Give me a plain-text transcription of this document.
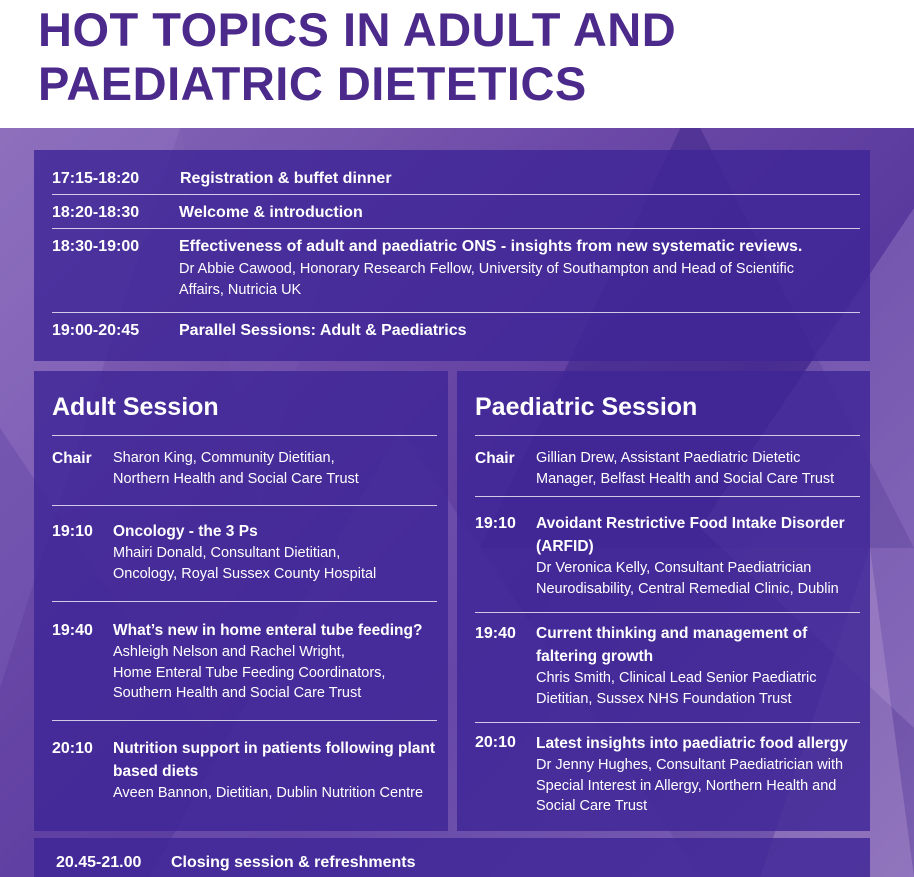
HOT TOPICS IN ADULT AND
PAEDIATRIC DIETETICS
17:15-18:20	Registration & buffet dinner
18:20-18:30 Welcome & introduction
18:30-19:00 Effectiveness of adult and paediatric ONS - insights from new systematic reviews.
Dr Abbie Cawood, Honorary Research Fellow, University of Southampton and Head of Scientific
Affairs, Nutricia UK
19:00-20:45 Parallel Sessions: Adult & Paediatrics
Adult Session
Chair Sharon King, Community Dietitian,
Northern Health and Social Care Trust
19:10 Oncology - the 3 Ps
Mhairi Donald, Consultant Dietitian,
Oncology, Royal Sussex County Hospital
19:40 What’s new in home enteral tube feeding?
Ashleigh Nelson and Rachel Wright,
Home Enteral Tube Feeding Coordinators,
Southern Health and Social Care Trust
20:10 Nutrition support in patients following plant
based diets
Aveen Bannon, Dietitian, Dublin Nutrition Centre
Paediatric Session
Chair Gillian Drew, Assistant Paediatric Dietetic
Manager, Belfast Health and Social Care Trust
19:10 Avoidant Restrictive Food Intake Disorder
(ARFID)
Dr Veronica Kelly, Consultant Paediatrician
Neurodisability, Central Remedial Clinic, Dublin
19:40 Current thinking and management of
faltering growth
Chris Smith, Clinical Lead Senior Paediatric
Dietitian, Sussex NHS Foundation Trust
20:10 Latest insights into paediatric food allergy
Dr Jenny Hughes, Consultant Paediatrician with
Special Interest in Allergy, Northern Health and
Social Care Trust
20.45-21.00 Closing session & refreshments
